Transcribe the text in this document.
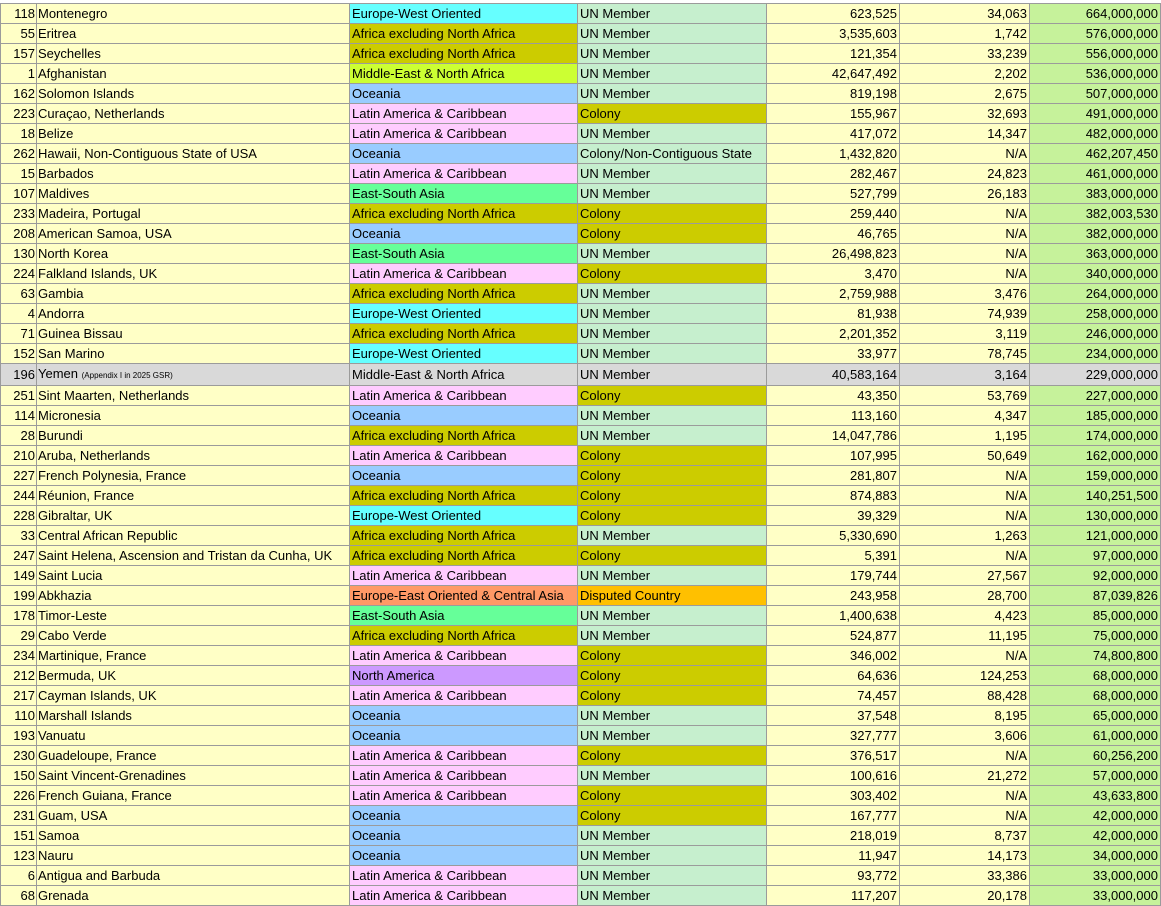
118	Montenegro	Europe-West Oriented	UN Member	623,525	34,063	664,000,000
55	Eritrea	Africa excluding North Africa	UN Member	3,535,603	1,742	576,000,000
157	Seychelles	Africa excluding North Africa	UN Member	121,354	33,239	556,000,000
1	Afghanistan	Middle-East & North Africa	UN Member	42,647,492	2,202	536,000,000
162	Solomon Islands	Oceania	UN Member	819,198	2,675	507,000,000
223	Curaçao, Netherlands	Latin America & Caribbean	Colony	155,967	32,693	491,000,000
18	Belize	Latin America & Caribbean	UN Member	417,072	14,347	482,000,000
262	Hawaii, Non-Contiguous State of USA	Oceania	Colony/Non-Contiguous State	1,432,820	N/A	462,207,450
15	Barbados	Latin America & Caribbean	UN Member	282,467	24,823	461,000,000
107	Maldives	East-South Asia	UN Member	527,799	26,183	383,000,000
233	Madeira, Portugal	Africa excluding North Africa	Colony	259,440	N/A	382,003,530
208	American Samoa, USA	Oceania	Colony	46,765	N/A	382,000,000
130	North Korea	East-South Asia	UN Member	26,498,823	N/A	363,000,000
224	Falkland Islands, UK	Latin America & Caribbean	Colony	3,470	N/A	340,000,000
63	Gambia	Africa excluding North Africa	UN Member	2,759,988	3,476	264,000,000
4	Andorra	Europe-West Oriented	UN Member	81,938	74,939	258,000,000
71	Guinea Bissau	Africa excluding North Africa	UN Member	2,201,352	3,119	246,000,000
152	San Marino	Europe-West Oriented	UN Member	33,977	78,745	234,000,000
196	Yemen (Appendix I in 2025 GSR)	Middle-East & North Africa	UN Member	40,583,164	3,164	229,000,000
251	Sint Maarten, Netherlands	Latin America & Caribbean	Colony	43,350	53,769	227,000,000
114	Micronesia	Oceania	UN Member	113,160	4,347	185,000,000
28	Burundi	Africa excluding North Africa	UN Member	14,047,786	1,195	174,000,000
210	Aruba, Netherlands	Latin America & Caribbean	Colony	107,995	50,649	162,000,000
227	French Polynesia, France	Oceania	Colony	281,807	N/A	159,000,000
244	Réunion, France	Africa excluding North Africa	Colony	874,883	N/A	140,251,500
228	Gibraltar, UK	Europe-West Oriented	Colony	39,329	N/A	130,000,000
33	Central African Republic	Africa excluding North Africa	UN Member	5,330,690	1,263	121,000,000
247	Saint Helena, Ascension and Tristan da Cunha, UK	Africa excluding North Africa	Colony	5,391	N/A	97,000,000
149	Saint Lucia	Latin America & Caribbean	UN Member	179,744	27,567	92,000,000
199	Abkhazia	Europe-East Oriented & Central Asia	Disputed Country	243,958	28,700	87,039,826
178	Timor-Leste	East-South Asia	UN Member	1,400,638	4,423	85,000,000
29	Cabo Verde	Africa excluding North Africa	UN Member	524,877	11,195	75,000,000
234	Martinique, France	Latin America & Caribbean	Colony	346,002	N/A	74,800,800
212	Bermuda, UK	North America	Colony	64,636	124,253	68,000,000
217	Cayman Islands, UK	Latin America & Caribbean	Colony	74,457	88,428	68,000,000
110	Marshall Islands	Oceania	UN Member	37,548	8,195	65,000,000
193	Vanuatu	Oceania	UN Member	327,777	3,606	61,000,000
230	Guadeloupe, France	Latin America & Caribbean	Colony	376,517	N/A	60,256,200
150	Saint Vincent-Grenadines	Latin America & Caribbean	UN Member	100,616	21,272	57,000,000
226	French Guiana, France	Latin America & Caribbean	Colony	303,402	N/A	43,633,800
231	Guam, USA	Oceania	Colony	167,777	N/A	42,000,000
151	Samoa	Oceania	UN Member	218,019	8,737	42,000,000
123	Nauru	Oceania	UN Member	11,947	14,173	34,000,000
6	Antigua and Barbuda	Latin America & Caribbean	UN Member	93,772	33,386	33,000,000
68	Grenada	Latin America & Caribbean	UN Member	117,207	20,178	33,000,000
